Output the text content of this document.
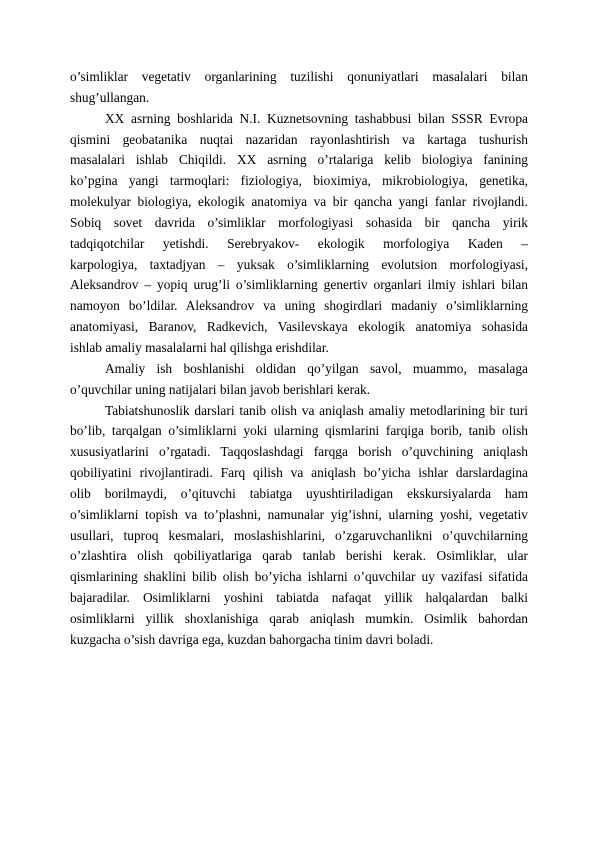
o’simliklar vegetativ organlarining tuzilishi qonuniyatlari masalalari bilan
shug’ullangan.

XX asrning boshlarida N.I. Kuznetsovning tashabbusi bilan SSSR Evropa
qismini geobatanika nuqtai nazaridan rayonlashtirish va kartaga tushurish
masalalari ishlab Chiqildi. XX asrning o’rtalariga kelib biologiya fanining
ko’pgina yangi tarmoqlari: fiziologiya, bioximiya, mikrobiologiya, genetika,
molekulyar biologiya, ekologik anatomiya va bir qancha yangi fanlar rivojlandi.
Sobiq sovet davrida o’simliklar morfologiyasi sohasida bir qancha yirik
tadqiqotchilar yetishdi. Serebryakov- ekologik morfologiya Kaden –
karpologiya, taxtadjyan – yuksak o’simliklarning evolutsion morfologiyasi,
Aleksandrov – yopiq urug’li o’simliklarning genertiv organlari ilmiy ishlari bilan
namoyon bo’ldilar. Aleksandrov va uning shogirdlari madaniy o’simliklarning
anatomiyasi, Baranov, Radkevich, Vasilevskaya ekologik anatomiya sohasida
ishlab amaliy masalalarni hal qilishga erishdilar.

Amaliy ish boshlanishi oldidan qo’yilgan savol, muammo, masalaga
o’quvchilar uning natijalari bilan javob berishlari kerak.

Tabiatshunoslik darslari tanib olish va aniqlash amaliy metodlarining bir turi
bo’lib, tarqalgan o’simliklarni yoki ularning qismlarini farqiga borib, tanib olish
xususiyatlarini o’rgatadi. Taqqoslashdagi farqga borish o’quvchining aniqlash
qobiliyatini rivojlantiradi. Farq qilish va aniqlash bo’yicha ishlar darslardagina
olib borilmaydi, o’qituvchi tabiatga uyushtiriladigan ekskursiyalarda ham
o’simliklarni topish va to’plashni, namunalar yig’ishni, ularning yoshi, vegetativ
usullari, tuproq kesmalari, moslashishlarini, o’zgaruvchanlikni o’quvchilarning
o’zlashtira olish qobiliyatlariga qarab tanlab berishi kerak. Osimliklar, ular
qismlarining shaklini bilib olish bo’yicha ishlarni o’quvchilar uy vazifasi sifatida
bajaradilar. Osimliklarni yoshini tabiatda nafaqat yillik halqalardan balki
osimliklarni yillik shoxlanishiga qarab aniqlash mumkin. Osimlik bahordan
kuzgacha o’sish davriga ega, kuzdan bahorgacha tinim davri boladi.
